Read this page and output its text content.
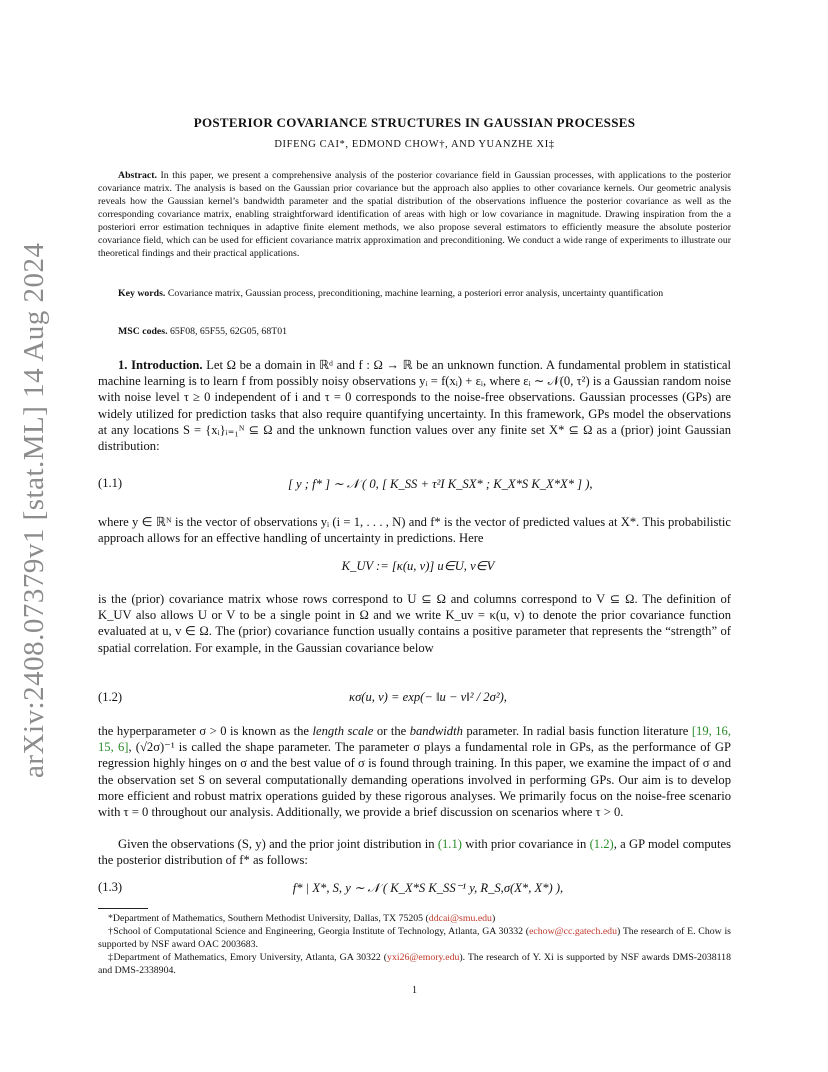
arXiv:2408.07379v1 [stat.ML] 14 Aug 2024
POSTERIOR COVARIANCE STRUCTURES IN GAUSSIAN PROCESSES
DIFENG CAI*, EDMOND CHOW†, AND YUANZHE XI‡
Abstract. In this paper, we present a comprehensive analysis of the posterior covariance field in Gaussian processes, with applications to the posterior covariance matrix. The analysis is based on the Gaussian prior covariance but the approach also applies to other covariance kernels. Our geometric analysis reveals how the Gaussian kernel’s bandwidth parameter and the spatial distribution of the observations influence the posterior covariance as well as the corresponding covariance matrix, enabling straightforward identification of areas with high or low covariance in magnitude. Drawing inspiration from the a posteriori error estimation techniques in adaptive finite element methods, we also propose several estimators to efficiently measure the absolute posterior covariance field, which can be used for efficient covariance matrix approximation and preconditioning. We conduct a wide range of experiments to illustrate our theoretical findings and their practical applications.
Key words. Covariance matrix, Gaussian process, preconditioning, machine learning, a posteriori error analysis, uncertainty quantification
MSC codes. 65F08, 65F55, 62G05, 68T01
1. Introduction. Let Ω be a domain in ℝᵈ and f : Ω → ℝ be an unknown function. A fundamental problem in statistical machine learning is to learn f from possibly noisy observations yᵢ = f(xᵢ) + εᵢ, where εᵢ ∼ 𝒩(0, τ²) is a Gaussian random noise with noise level τ ≥ 0 independent of i and τ = 0 corresponds to the noise-free observations. Gaussian processes (GPs) are widely utilized for prediction tasks that also require quantifying uncertainty. In this framework, GPs model the observations at any locations S = {xᵢ}ᵢ₌₁ᴺ ⊆ Ω and the unknown function values over any finite set X* ⊆ Ω as a (prior) joint Gaussian distribution:
(1.1)	[ y ; f* ] ∼ 𝒩 ( 0, [ K_SS + τ²I K_SX* ; K_X*S K_X*X* ] ),
where y ∈ ℝᴺ is the vector of observations yᵢ (i = 1, . . . , N) and f* is the vector of predicted values at X*. This probabilistic approach allows for an effective handling of uncertainty in predictions. Here
K_UV := [κ(u, v)] u∈U, v∈V
is the (prior) covariance matrix whose rows correspond to U ⊆ Ω and columns correspond to V ⊆ Ω. The definition of K_UV also allows U or V to be a single point in Ω and we write K_uv = κ(u, v) to denote the prior covariance function evaluated at u, v ∈ Ω. The (prior) covariance function usually contains a positive parameter that represents the “strength” of spatial correlation. For example, in the Gaussian covariance below
(1.2)	κσ(u, v) = exp(− ‖u − v‖² / 2σ²),
the hyperparameter σ > 0 is known as the length scale or the bandwidth parameter. In radial basis function literature [19, 16, 15, 6], (√2σ)⁻¹ is called the shape parameter. The parameter σ plays a fundamental role in GPs, as the performance of GP regression highly hinges on σ and the best value of σ is found through training. In this paper, we examine the impact of σ and the observation set S on several computationally demanding operations involved in performing GPs. Our aim is to develop more efficient and robust matrix operations guided by these rigorous analyses. We primarily focus on the noise-free scenario with τ = 0 throughout our analysis. Additionally, we provide a brief discussion on scenarios where τ > 0.
Given the observations (S, y) and the prior joint distribution in (1.1) with prior covariance in (1.2), a GP model computes the posterior distribution of f* as follows:
(1.3)	f* | X*, S, y ∼ 𝒩 ( K_X*S K_SS⁻¹ y, R_S,σ(X*, X*) ),
*Department of Mathematics, Southern Methodist University, Dallas, TX 75205 (ddcai@smu.edu)
†School of Computational Science and Engineering, Georgia Institute of Technology, Atlanta, GA 30332 (echow@cc.gatech.edu) The research of E. Chow is supported by NSF award OAC 2003683.
‡Department of Mathematics, Emory University, Atlanta, GA 30322 (yxi26@emory.edu). The research of Y. Xi is supported by NSF awards DMS-2038118 and DMS-2338904.
1
